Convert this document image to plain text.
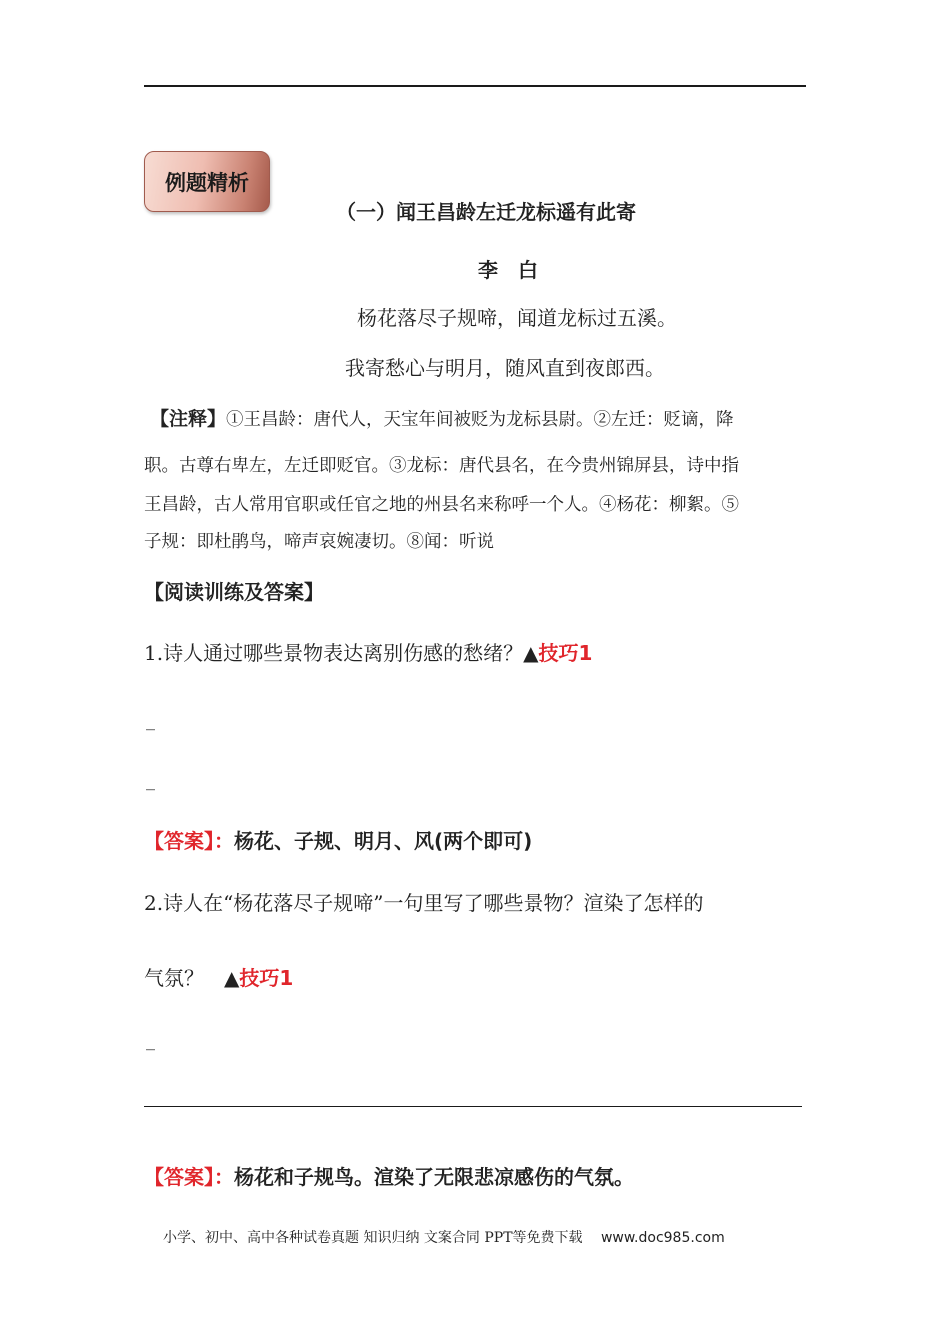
例题精析
（一）闻王昌龄左迁龙标遥有此寄
李　白
杨花落尽子规啼，闻道龙标过五溪。
我寄愁心与明月，随风直到夜郎西。
【注释】①王昌龄：唐代人，天宝年间被贬为龙标县尉。②左迁：贬谪，降
职。古尊右卑左，左迁即贬官。③龙标：唐代县名，在今贵州锦屏县，诗中指
王昌龄，古人常用官职或任官之地的州县名来称呼一个人。④杨花：柳絮。⑤
子规：即杜鹃鸟，啼声哀婉凄切。⑧闻：听说
【阅读训练及答案】
1.诗人通过哪些景物表达离别伤感的愁绪？▲技巧1
_
_
【答案】：杨花、子规、明月、风(两个即可)
2.诗人在“杨花落尽子规啼”一句里写了哪些景物？渲染了怎样的
气氛？　▲技巧1
_
【答案】：杨花和子规鸟。渲染了无限悲凉感伤的气氛。
小学、初中、高中各种试卷真题 知识归纳 文案合同 PPT等免费下载 www.doc985.com
